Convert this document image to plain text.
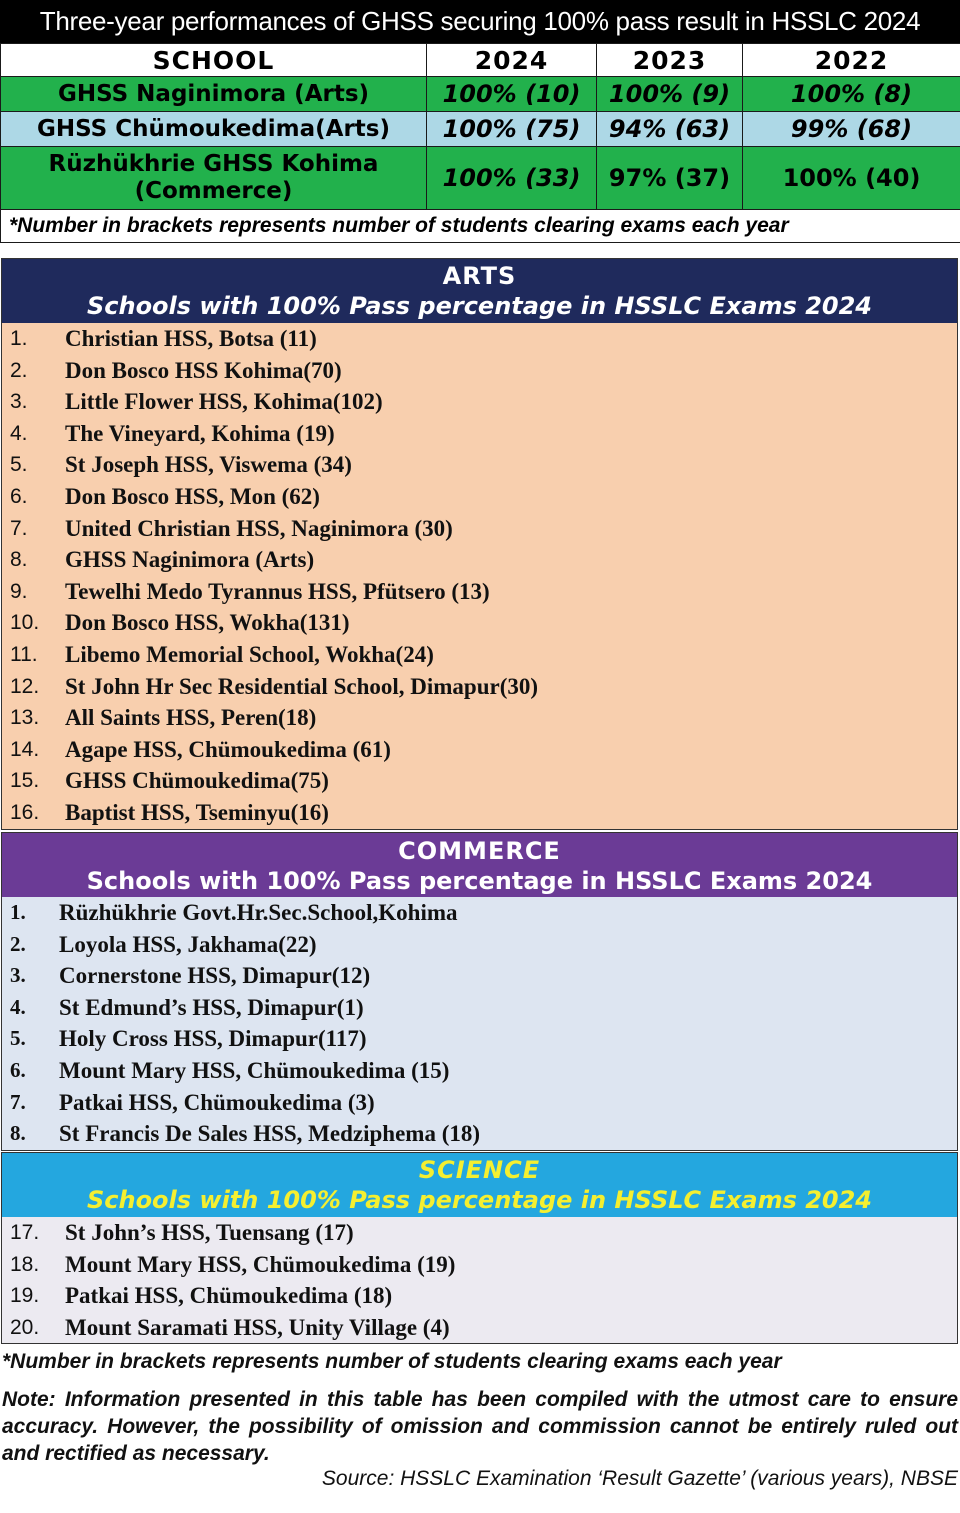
Three-year performances of GHSS securing 100% pass result in HSSLC 2024
SCHOOL	2024	2023	2022
GHSS Naginimora (Arts)	100% (10)	100% (9)	100% (8)
GHSS Chümoukedima(Arts)	100% (75)	94% (63)	99% (68)
Rüzhükhrie GHSS Kohima (Commerce)	100% (33)	97% (37)	100% (40)
*Number in brackets represents number of students clearing exams each year			
ARTS
Schools with 100% Pass percentage in HSSLC Exams 2024
1. Christian HSS, Botsa (11)
2. Don Bosco HSS Kohima(70)
3. Little Flower HSS, Kohima(102)
4. The Vineyard, Kohima (19)
5. St Joseph HSS, Viswema (34)
6. Don Bosco HSS, Mon (62)
7. United Christian HSS, Naginimora (30)
8. GHSS Naginimora (Arts)
9. Tewelhi Medo Tyrannus HSS, Pfütsero (13)
10. Don Bosco HSS, Wokha(131)
11. Libemo Memorial School, Wokha(24)
12. St John Hr Sec Residential School, Dimapur(30)
13. All Saints HSS, Peren(18)
14. Agape HSS, Chümoukedima (61)
15. GHSS Chümoukedima(75)
16. Baptist HSS, Tseminyu(16)
COMMERCE
Schools with 100% Pass percentage in HSSLC Exams 2024
1. Rüzhükhrie Govt.Hr.Sec.School,Kohima
2. Loyola HSS, Jakhama(22)
3. Cornerstone HSS, Dimapur(12)
4. St Edmund’s HSS, Dimapur(1)
5. Holy Cross HSS, Dimapur(117)
6. Mount Mary HSS, Chümoukedima (15)
7. Patkai HSS, Chümoukedima (3)
8. St Francis De Sales HSS, Medziphema (18)
SCIENCE
Schools with 100% Pass percentage in HSSLC Exams 2024
17. St John’s HSS, Tuensang (17)
18. Mount Mary HSS, Chümoukedima (19)
19. Patkai HSS, Chümoukedima (18)
20. Mount Saramati HSS, Unity Village (4)
*Number in brackets represents number of students clearing exams each year
Note: Information presented in this table has been compiled with the utmost care to ensure accuracy. However, the possibility of omission and commission cannot be entirely ruled out and rectified as necessary.
Source: HSSLC Examination ‘Result Gazette’ (various years), NBSE
